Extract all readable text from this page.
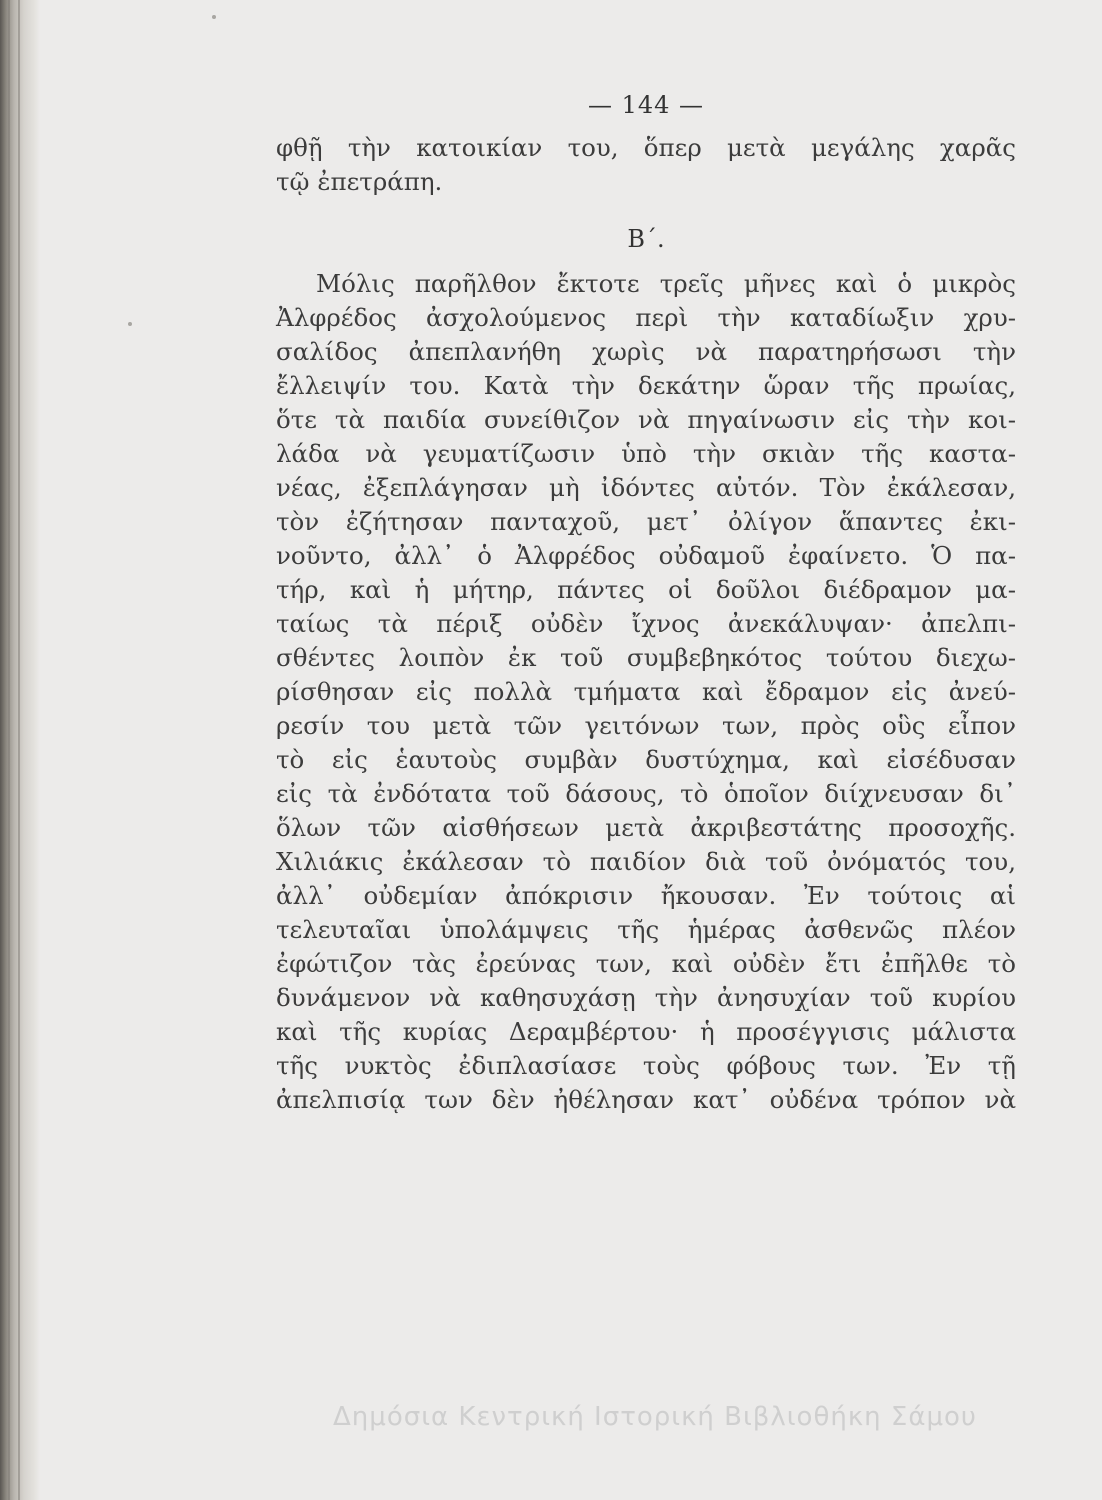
— 144 —
φθῇ τὴν κατοικίαν του, ὅπερ μετὰ μεγάλης χαρᾶς
τῷ ἐπετράπη.
Β΄.
Μόλις παρῆλθον ἔκτοτε τρεῖς μῆνες καὶ ὁ μικρὸς
Ἀλφρέδος ἀσχολούμενος περὶ τὴν καταδίωξιν χρυ-
σαλίδος ἀπεπλανήθη χωρὶς νὰ παρατηρήσωσι τὴν
ἔλλειψίν του. Κατὰ τὴν δεκάτην ὥραν τῆς πρωίας,
ὅτε τὰ παιδία συνείθιζον νὰ πηγαίνωσιν εἰς τὴν κοι-
λάδα νὰ γευματίζωσιν ὑπὸ τὴν σκιὰν τῆς καστα-
νέας, ἐξεπλάγησαν μὴ ἰδόντες αὐτόν. Τὸν ἐκάλεσαν,
τὸν ἐζήτησαν πανταχοῦ, μετ᾽ ὀλίγον ἅπαντες ἐκι-
νοῦντο, ἀλλ᾽ ὁ Ἀλφρέδος οὐδαμοῦ ἐφαίνετο. Ὁ πα-
τήρ, καὶ ἡ μήτηρ, πάντες οἱ δοῦλοι διέδραμον μα-
ταίως τὰ πέριξ οὐδὲν ἴχνος ἀνεκάλυψαν· ἀπελπι-
σθέντες λοιπὸν ἐκ τοῦ συμβεβηκότος τούτου διεχω-
ρίσθησαν εἰς πολλὰ τμήματα καὶ ἔδραμον εἰς ἀνεύ-
ρεσίν του μετὰ τῶν γειτόνων των, πρὸς οὓς εἶπον
τὸ εἰς ἑαυτοὺς συμβὰν δυστύχημα, καὶ εἰσέδυσαν
εἰς τὰ ἐνδότατα τοῦ δάσους, τὸ ὁποῖον διίχνευσαν δι᾽
ὅλων τῶν αἰσθήσεων μετὰ ἀκριβεστάτης προσοχῆς.
Χιλιάκις ἐκάλεσαν τὸ παιδίον διὰ τοῦ ὀνόματός του,
ἀλλ᾽ οὐδεμίαν ἀπόκρισιν ἤκουσαν. Ἐν τούτοις αἱ
τελευταῖαι ὑπολάμψεις τῆς ἡμέρας ἀσθενῶς πλέον
ἐφώτιζον τὰς ἐρεύνας των, καὶ οὐδὲν ἔτι ἐπῆλθε τὸ
δυνάμενον νὰ καθησυχάσῃ τὴν ἀνησυχίαν τοῦ κυρίου
καὶ τῆς κυρίας Δεραμβέρτου· ἡ προσέγγισις μάλιστα
τῆς νυκτὸς ἐδιπλασίασε τοὺς φόβους των. Ἐν τῇ
ἀπελπισίᾳ των δὲν ἠθέλησαν κατ᾽ οὐδένα τρόπον νὰ
Δημόσια Κεντρική Ιστορική Βιβλιοθήκη Σάμου
